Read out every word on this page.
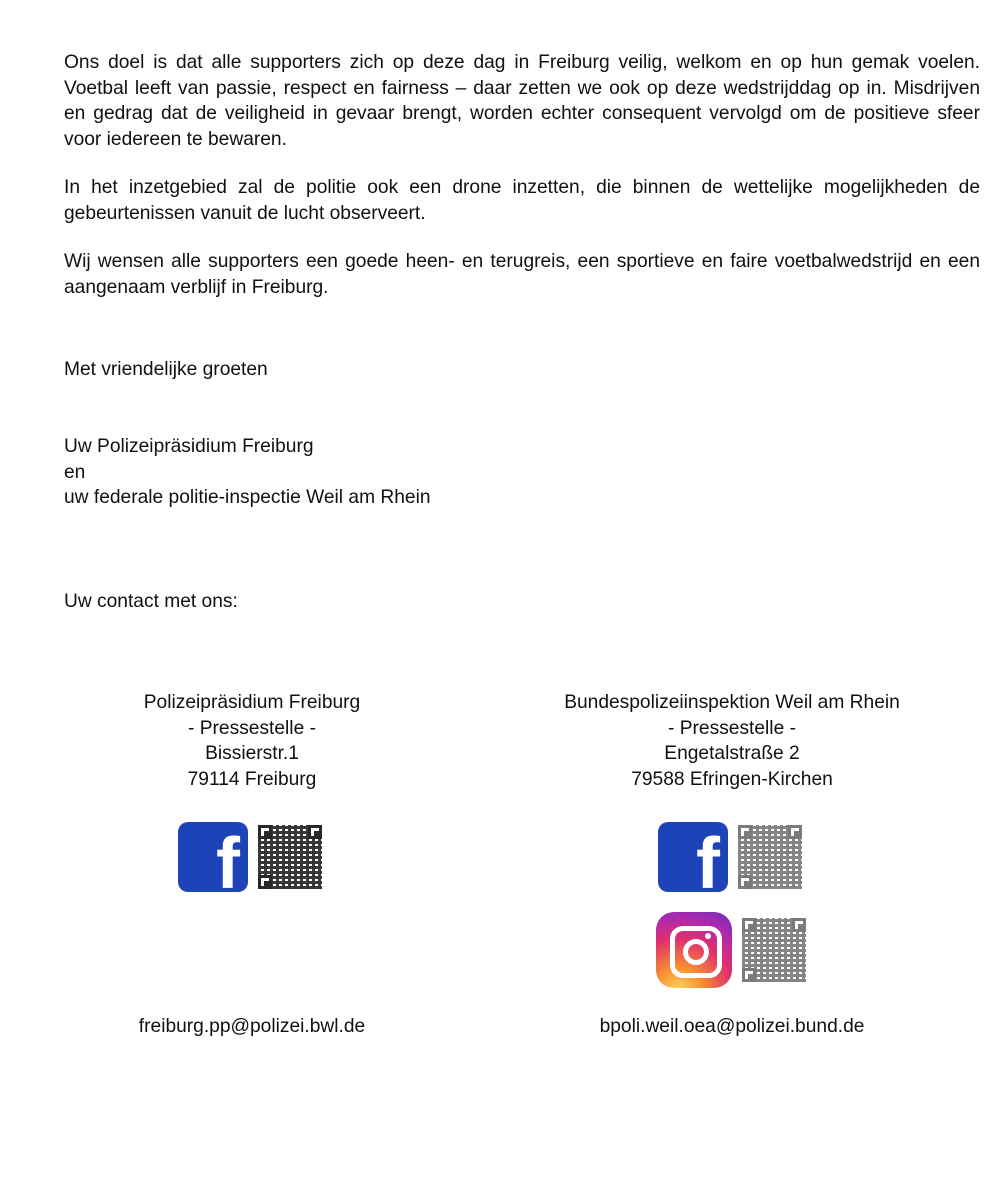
Ons doel is dat alle supporters zich op deze dag in Freiburg veilig, welkom en op hun gemak voelen. Voetbal leeft van passie, respect en fairness – daar zetten we ook op deze wedstrijddag op in. Misdrijven en gedrag dat de veiligheid in gevaar brengt, worden echter consequent vervolgd om de positieve sfeer voor iedereen te bewaren.

In het inzetgebied zal de politie ook een drone inzetten, die binnen de wettelijke mogelijkheden de gebeurtenissen vanuit de lucht observeert.

Wij wensen alle supporters een goede heen- en terugreis, een sportieve en faire voetbalwedstrijd en een aangenaam verblijf in Freiburg.

Met vriendelijke groeten

Uw Polizeipräsidium Freiburg
en
uw federale politie-inspectie Weil am Rhein

Uw contact met ons:

Polizeipräsidium Freiburg
- Pressestelle -
Bissierstr.1
79114 Freiburg
Bundespolizeiinspektion Weil am Rhein
- Pressestelle -
Engetalstraße 2
79588 Efringen-Kirchen
f	f
freiburg.pp@polizei.bwl.de	bpoli.weil.oea@polizei.bund.de
